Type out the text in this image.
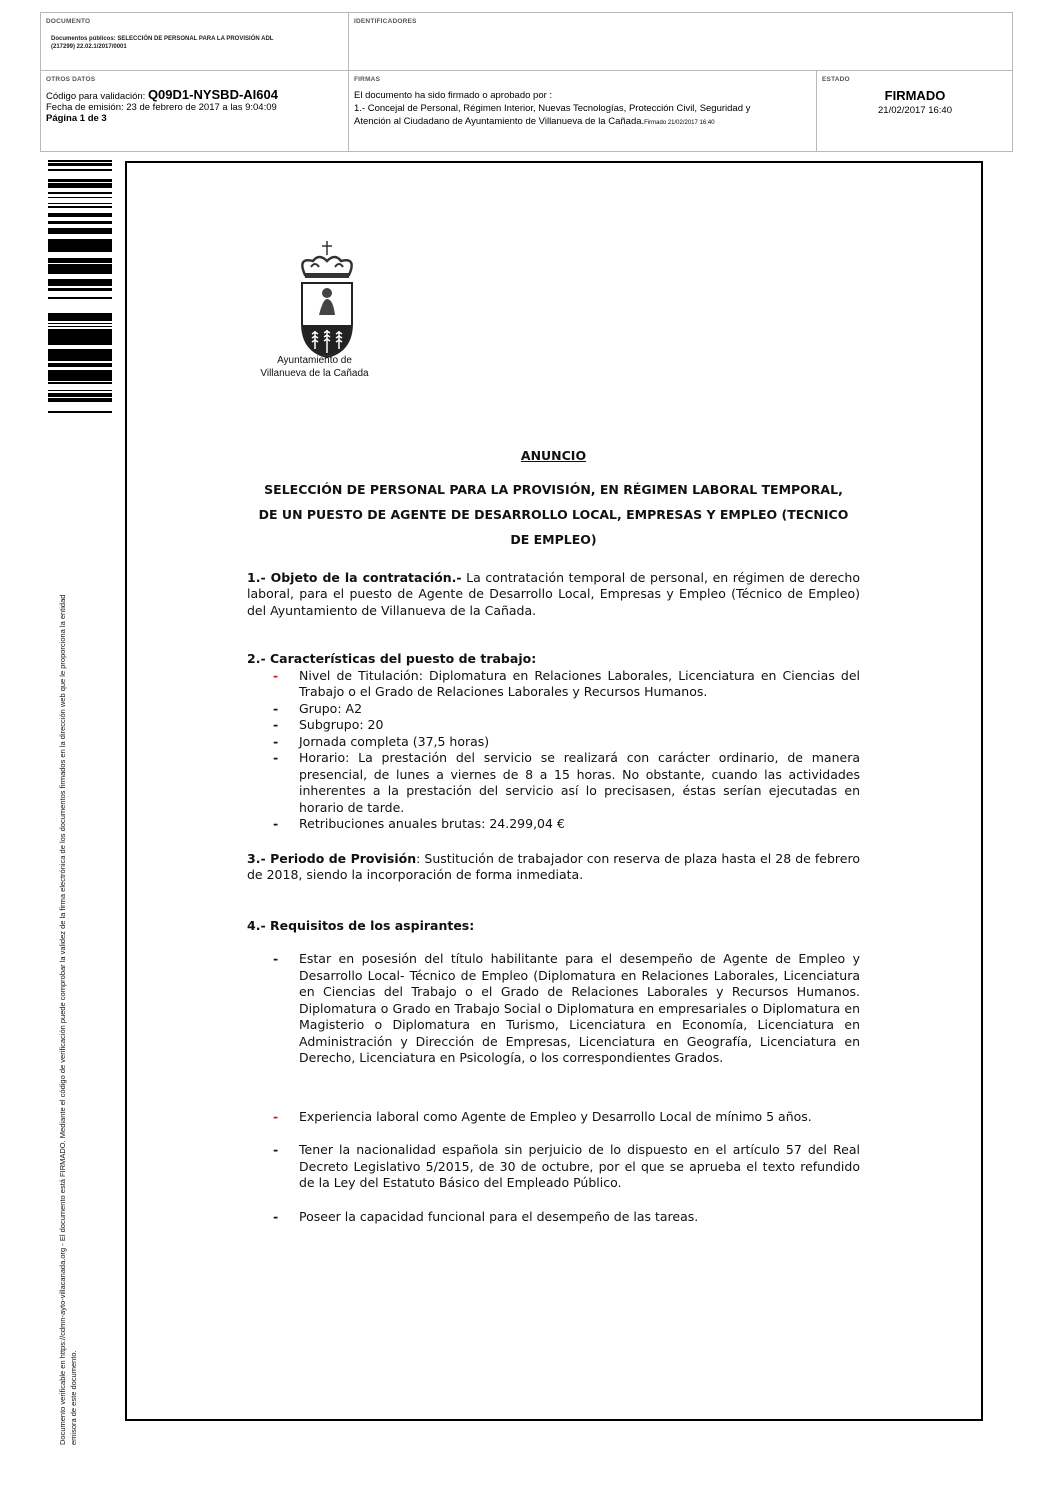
DOCUMENTO
Documentos públicos: SELECCIÓN DE PERSONAL PARA LA PROVISIÓN ADL
(217299) 22.02.1/2017/0001
IDENTIFICADORES
OTROS DATOS
Código para validación: Q09D1-NYSBD-AI604
Fecha de emisión: 23 de febrero de 2017 a las 9:04:09
Página 1 de 3
FIRMAS
El documento ha sido firmado o aprobado por :
1.- Concejal de Personal, Régimen Interior, Nuevas Tecnologías, Protección Civil, Seguridad y
Atención al Ciudadano de Ayuntamiento de Villanueva de la Cañada.Firmado 21/02/2017 16:40
ESTADO
FIRMADO
21/02/2017 16:40
Documento verificable en https://cdmn-ayto-villacanada.org - El documento está FIRMADO. Mediante el código de verificación puede comprobar la validez de la firma electrónica de los documentos firmados en la dirección web que le proporciona la entidad emisora de este documento.
Ayuntamiento de
Villanueva de la Cañada
ANUNCIO
SELECCIÓN DE PERSONAL PARA LA PROVISIÓN, EN RÉGIMEN LABORAL TEMPORAL,
DE UN PUESTO DE AGENTE DE DESARROLLO LOCAL, EMPRESAS Y EMPLEO (TECNICO
DE EMPLEO)

1.- Objeto de la contratación.- La contratación temporal de personal, en régimen de derecho laboral, para el puesto de Agente de Desarrollo Local, Empresas y Empleo (Técnico de Empleo) del Ayuntamiento de Villanueva de la Cañada.

2.- Características del puesto de trabajo:
- Nivel de Titulación: Diplomatura en Relaciones Laborales, Licenciatura en Ciencias del Trabajo o el Grado de Relaciones Laborales y Recursos Humanos.
- Grupo: A2
- Subgrupo: 20
- Jornada completa (37,5 horas)
- Horario: La prestación del servicio se realizará con carácter ordinario, de manera presencial, de lunes a viernes de 8 a 15 horas. No obstante, cuando las actividades inherentes a la prestación del servicio así lo precisasen, éstas serían ejecutadas en horario de tarde.
- Retribuciones anuales brutas: 24.299,04 €

3.- Periodo de Provisión: Sustitución de trabajador con reserva de plaza hasta el 28 de febrero de 2018, siendo la incorporación de forma inmediata.

4.- Requisitos de los aspirantes:
- Estar en posesión del título habilitante para el desempeño de Agente de Empleo y Desarrollo Local- Técnico de Empleo (Diplomatura en Relaciones Laborales, Licenciatura en Ciencias del Trabajo o el Grado de Relaciones Laborales y Recursos Humanos. Diplomatura o Grado en Trabajo Social o Diplomatura en empresariales o Diplomatura en Magisterio o Diplomatura en Turismo, Licenciatura en Economía, Licenciatura en Administración y Dirección de Empresas, Licenciatura en Geografía, Licenciatura en Derecho, Licenciatura en Psicología, o los correspondientes Grados.
- Experiencia laboral como Agente de Empleo y Desarrollo Local de mínimo 5 años.
- Tener la nacionalidad española sin perjuicio de lo dispuesto en el artículo 57 del Real Decreto Legislativo 5/2015, de 30 de octubre, por el que se aprueba el texto refundido de la Ley del Estatuto Básico del Empleado Público.
- Poseer la capacidad funcional para el desempeño de las tareas.
